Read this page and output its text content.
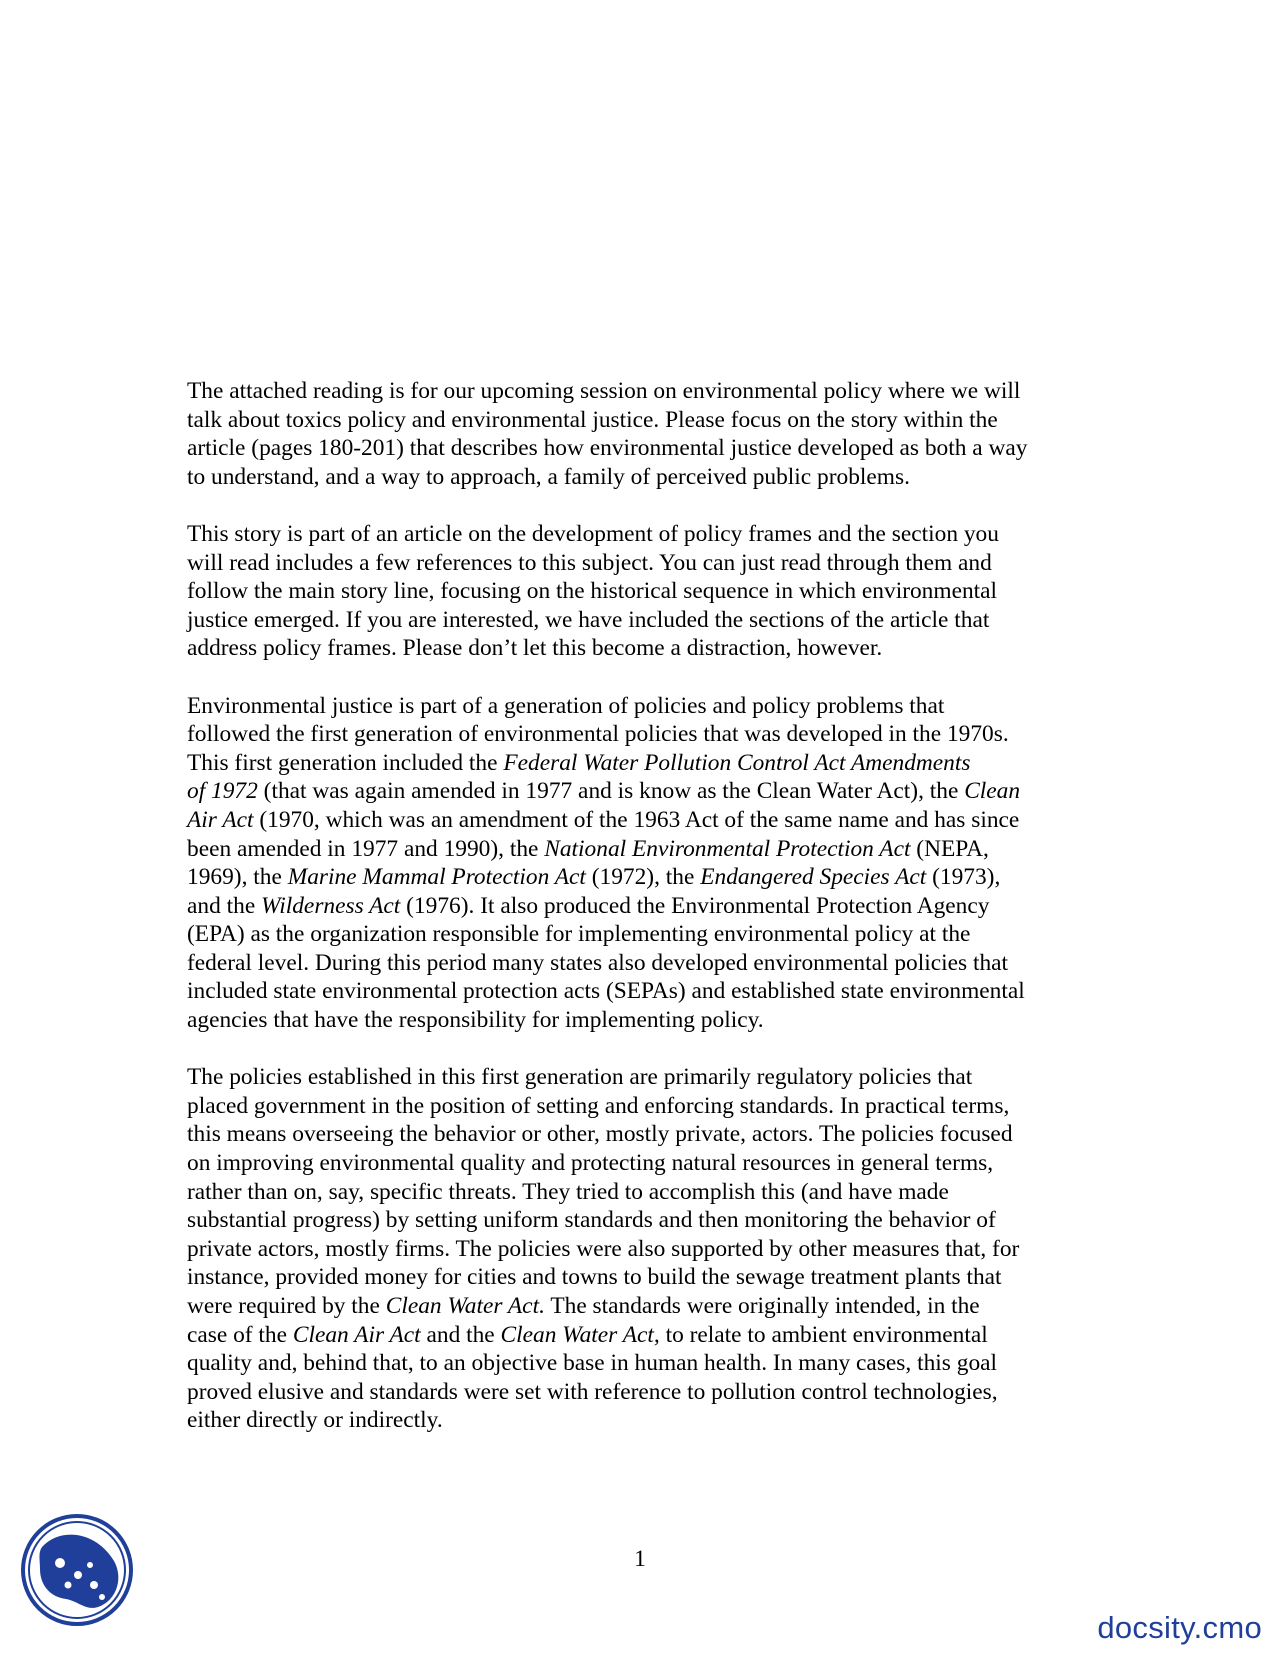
The attached reading is for our upcoming session on environmental policy where we will
talk about toxics policy and environmental justice. Please focus on the story within the
article (pages 180-201) that describes how environmental justice developed as both a way
to understand, and a way to approach, a family of perceived public problems.
This story is part of an article on the development of policy frames and the section you
will read includes a few references to this subject. You can just read through them and
follow the main story line, focusing on the historical sequence in which environmental
justice emerged. If you are interested, we have included the sections of the article that
address policy frames. Please don’t let this become a distraction, however.
Environmental justice is part of a generation of policies and policy problems that
followed the first generation of environmental policies that was developed in the 1970s.
This first generation included the Federal Water Pollution Control Act Amendments
of 1972 (that was again amended in 1977 and is know as the Clean Water Act), the Clean
Air Act (1970, which was an amendment of the 1963 Act of the same name and has since
been amended in 1977 and 1990), the National Environmental Protection Act (NEPA,
1969), the Marine Mammal Protection Act (1972), the Endangered Species Act (1973),
and the Wilderness Act (1976). It also produced the Environmental Protection Agency
(EPA) as the organization responsible for implementing environmental policy at the
federal level. During this period many states also developed environmental policies that
included state environmental protection acts (SEPAs) and established state environmental
agencies that have the responsibility for implementing policy.
The policies established in this first generation are primarily regulatory policies that
placed government in the position of setting and enforcing standards. In practical terms,
this means overseeing the behavior or other, mostly private, actors. The policies focused
on improving environmental quality and protecting natural resources in general terms,
rather than on, say, specific threats. They tried to accomplish this (and have made
substantial progress) by setting uniform standards and then monitoring the behavior of
private actors, mostly firms. The policies were also supported by other measures that, for
instance, provided money for cities and towns to build the sewage treatment plants that
were required by the Clean Water Act. The standards were originally intended, in the
case of the Clean Air Act and the Clean Water Act, to relate to ambient environmental
quality and, behind that, to an objective base in human health. In many cases, this goal
proved elusive and standards were set with reference to pollution control technologies,
either directly or indirectly.
1
docsity.cmo
